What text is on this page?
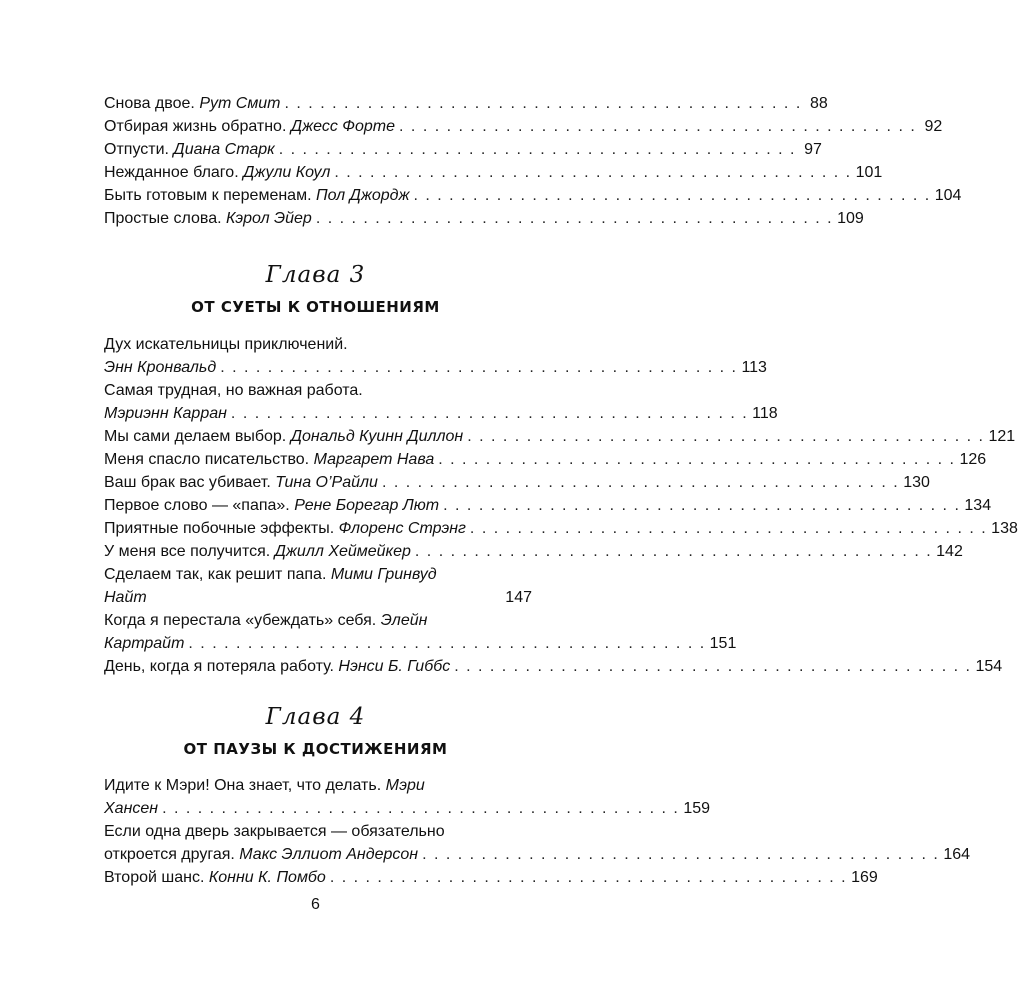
Снова двое.
Рут Смит . . . . . . . . . . . . . . . . . . . . . . . . . . . . . . . . . . . . . . . . . . . . 88
Отбирая жизнь обратно.
Джесс Форте . . . . . . . . . . . . . . . . . . . . . . . . . . . . . . . . . . . . . . . . . . . . 92
Отпусти.
Диана Старк . . . . . . . . . . . . . . . . . . . . . . . . . . . . . . . . . . . . . . . . . . . . 97
Нежданное благо.
Джули Коул . . . . . . . . . . . . . . . . . . . . . . . . . . . . . . . . . . . . . . . . . . . . 101
Быть готовым к переменам.
Пол Джордж . . . . . . . . . . . . . . . . . . . . . . . . . . . . . . . . . . . . . . . . . . . . 104
Простые слова.
Кэрол Эйер . . . . . . . . . . . . . . . . . . . . . . . . . . . . . . . . . . . . . . . . . . . . 109
Глава 3
ОТ СУЕТЫ К ОТНОШЕНИЯМ
Дух искательницы приключений.
Энн Кронвальд . . . . . . . . . . . . . . . . . . . . . . . . . . . . . . . . . . . . . . . . . . . . 113
Самая трудная, но важная работа.
Мэриэнн Карран . . . . . . . . . . . . . . . . . . . . . . . . . . . . . . . . . . . . . . . . . . . . 118
Мы сами делаем выбор.
Дональд Куинн Диллон . . . . . . . . . . . . . . . . . . . . . . . . . . . . . . . . . . . . . . . . . . . . 121
Меня спасло писательство.
Маргарет Нава . . . . . . . . . . . . . . . . . . . . . . . . . . . . . . . . . . . . . . . . . . . . 126
Ваш брак вас убивает.
Тина О’Райли . . . . . . . . . . . . . . . . . . . . . . . . . . . . . . . . . . . . . . . . . . . . 130
Первое слово — «папа».
Рене Борегар Лют . . . . . . . . . . . . . . . . . . . . . . . . . . . . . . . . . . . . . . . . . . . . 134
Приятные побочные эффекты.
Флоренс Стрэнг . . . . . . . . . . . . . . . . . . . . . . . . . . . . . . . . . . . . . . . . . . . . 138
У меня все получится.
Джилл Хеймейкер . . . . . . . . . . . . . . . . . . . . . . . . . . . . . . . . . . . . . . . . . . . . 142
Сделаем так, как решит папа. Мими Гринвуд
Найт	147
Когда я перестала «убеждать» себя. Элейн
Картрайт . . . . . . . . . . . . . . . . . . . . . . . . . . . . . . . . . . . . . . . . . . . . 151
День, когда я потеряла работу.
Нэнси Б. Гиббс . . . . . . . . . . . . . . . . . . . . . . . . . . . . . . . . . . . . . . . . . . . . 154
Глава 4
ОТ ПАУЗЫ К ДОСТИЖЕНИЯМ
Идите к Мэри! Она знает, что делать. Мэри
Хансен . . . . . . . . . . . . . . . . . . . . . . . . . . . . . . . . . . . . . . . . . . . . 159
Если одна дверь закрывается — обязательно
откроется другая.
Макс Эллиот Андерсон . . . . . . . . . . . . . . . . . . . . . . . . . . . . . . . . . . . . . . . . . . . . 164
Второй шанс.
Конни К. Помбо . . . . . . . . . . . . . . . . . . . . . . . . . . . . . . . . . . . . . . . . . . . . 169
6
